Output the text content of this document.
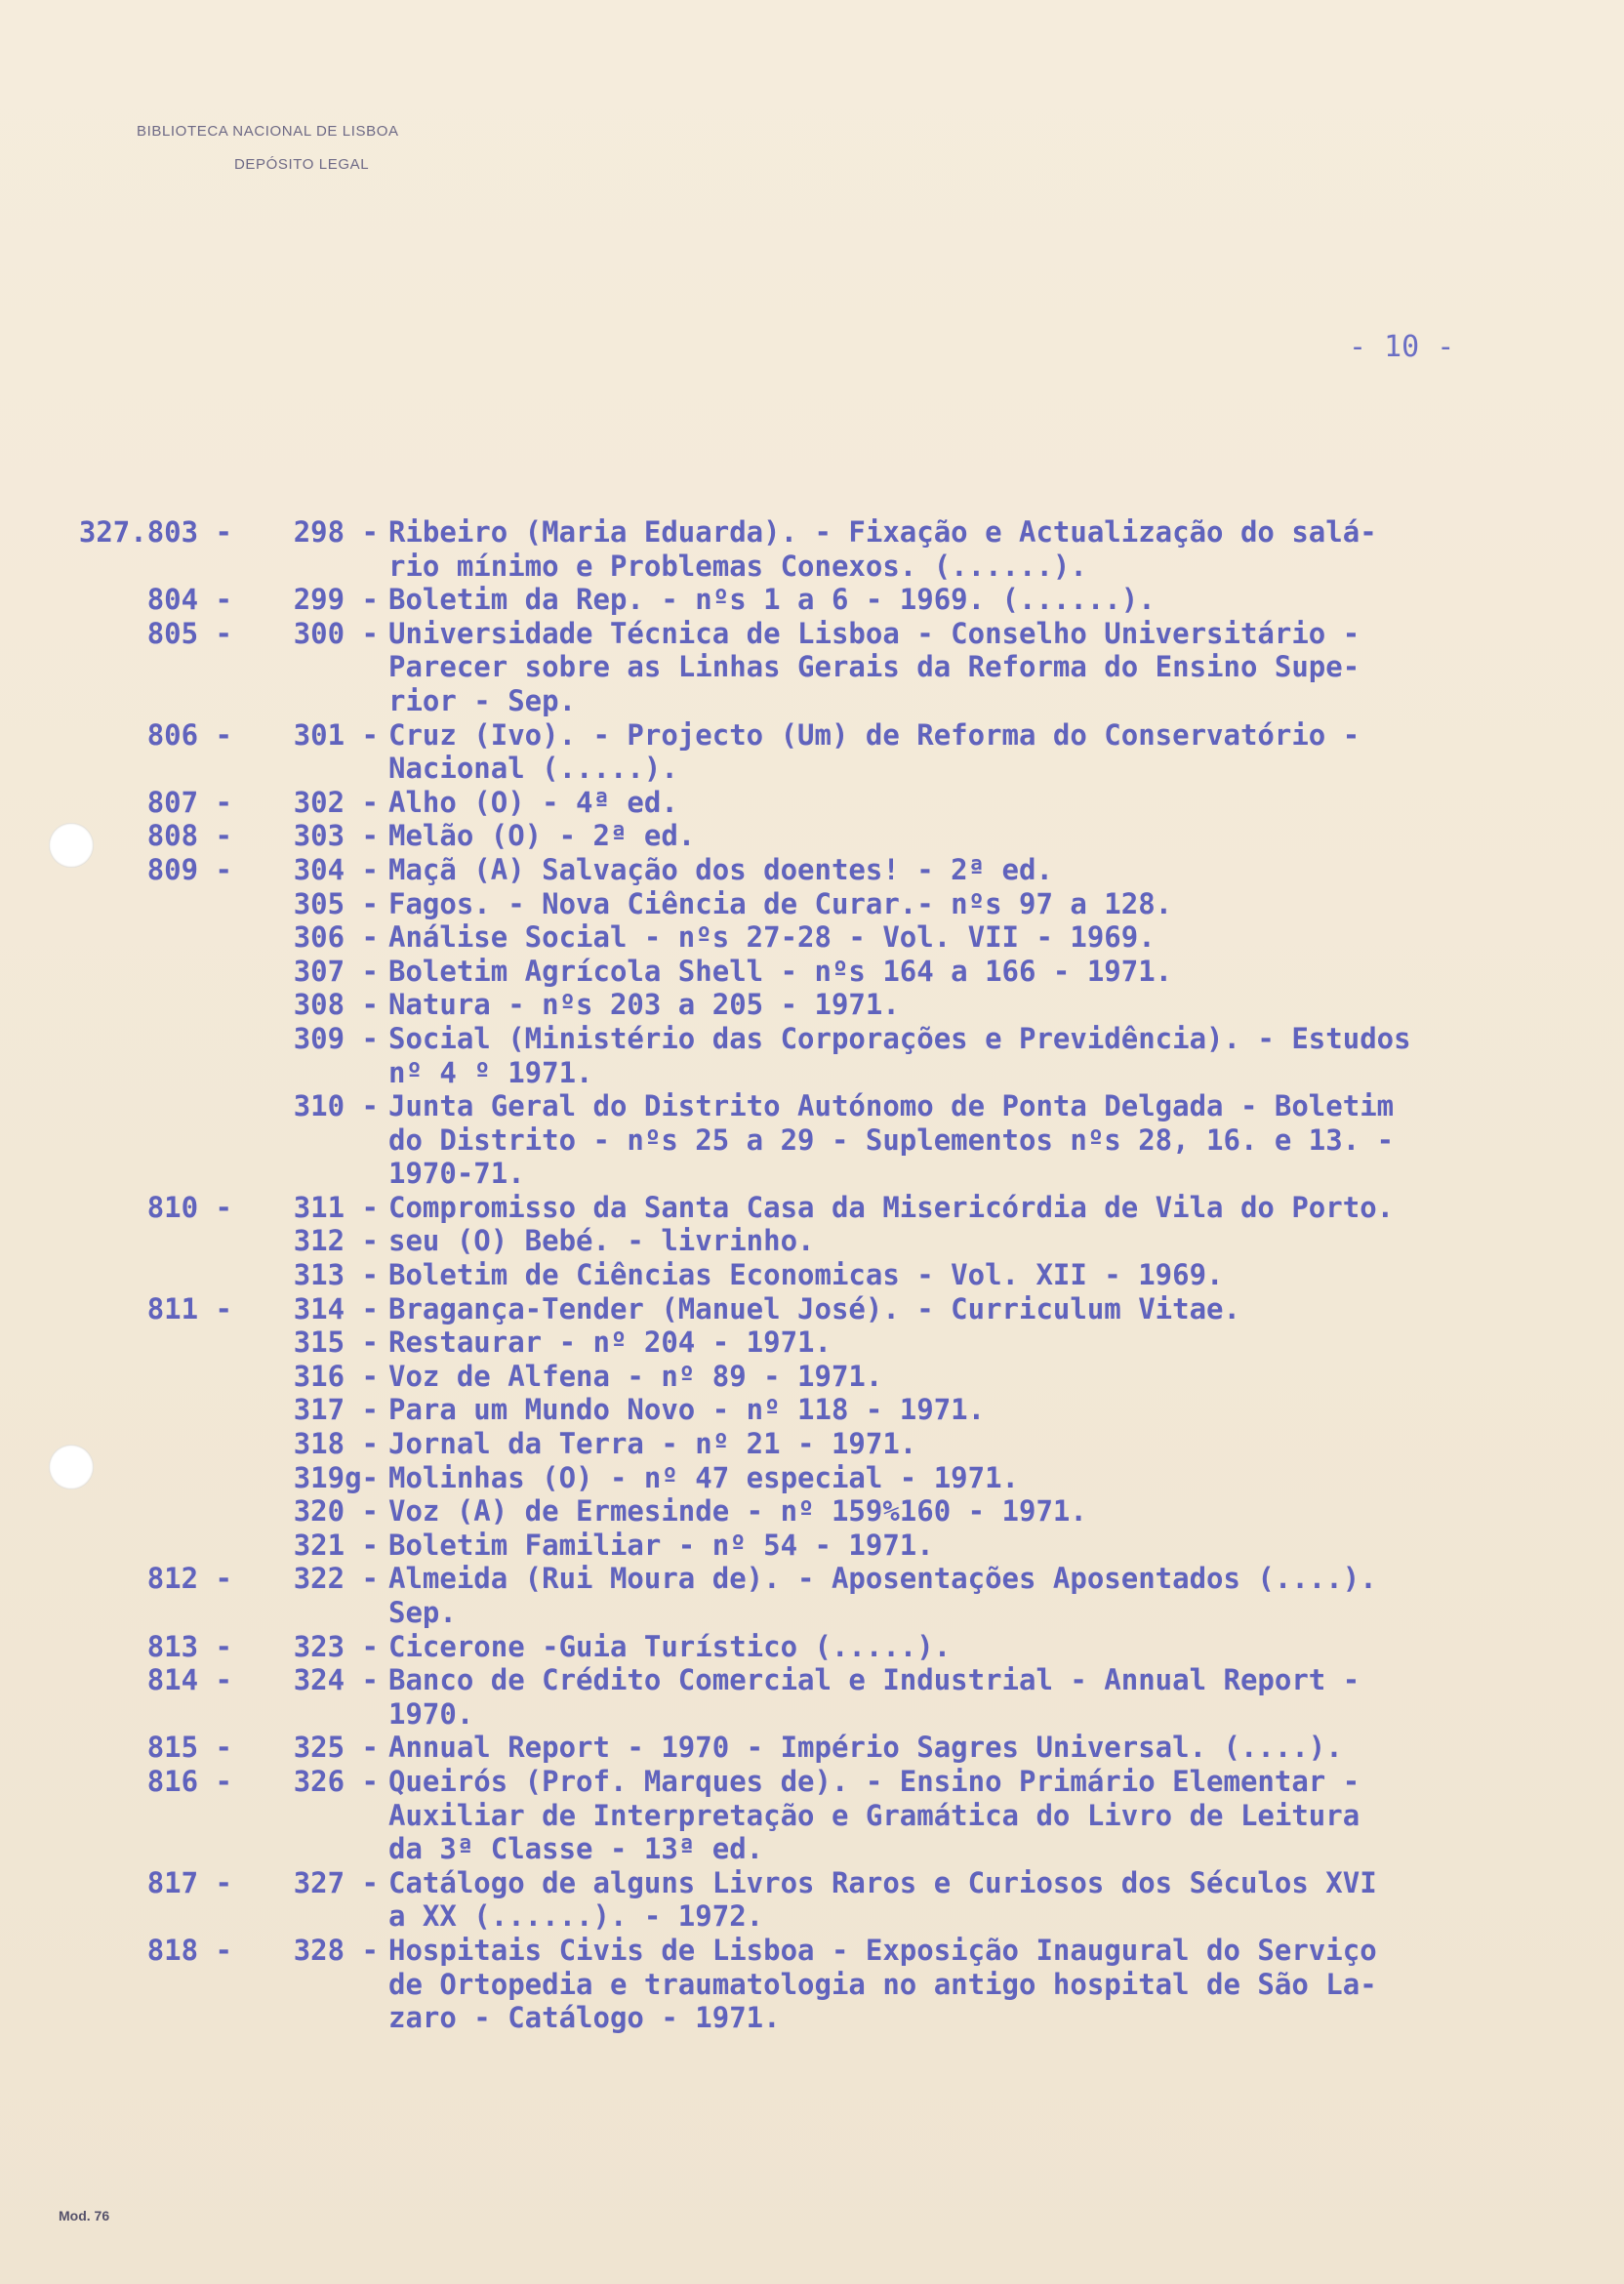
BIBLIOTECA NACIONAL DE LISBOA
DEPÓSITO LEGAL
- 10 -
327.803 -	298 - Ribeiro (Maria Eduarda). - Fixação e Actualização do salá-
rio mínimo e Problemas Conexos. (......).
804 -	299 - Boletim da Rep. - nºs 1 a 6 - 1969. (......).
805 -	300 - Universidade Técnica de Lisboa - Conselho Universitário -
Parecer sobre as Linhas Gerais da Reforma do Ensino Supe-
rior - Sep.
806 -	301 - Cruz (Ivo). - Projecto (Um) de Reforma do Conservatório -
Nacional (.....).
807 -	302 - Alho (O) - 4ª ed.
808 -	303 - Melão (O) - 2ª ed.
809 -	304 - Maçã (A) Salvação dos doentes! - 2ª ed.
305 - Fagos. - Nova Ciência de Curar.- nºs 97 a 128.
306 - Análise Social - nºs 27-28 - Vol. VII - 1969.
307 - Boletim Agrícola Shell - nºs 164 a 166 - 1971.
308 - Natura - nºs 203 a 205 - 1971.
309 - Social (Ministério das Corporações e Previdência). - Estudos
nº 4 º 1971.
310 - Junta Geral do Distrito Autónomo de Ponta Delgada - Boletim
do Distrito - nºs 25 a 29 - Suplementos nºs 28, 16. e 13. -
1970-71.
810 -	311 - Compromisso da Santa Casa da Misericórdia de Vila do Porto.
312 - seu (O) Bebé. - livrinho.
313 - Boletim de Ciências Economicas - Vol. XII - 1969.
811 -	314 - Bragança-Tender (Manuel José). - Curriculum Vitae.
315 - Restaurar - nº 204 - 1971.
316 - Voz de Alfena - nº 89 - 1971.
317 - Para um Mundo Novo - nº 118 - 1971.
318 - Jornal da Terra - nº 21 - 1971.
319g- Molinhas (O) - nº 47 especial - 1971.
320 - Voz (A) de Ermesinde - nº 159%160 - 1971.
321 - Boletim Familiar - nº 54 - 1971.
812 -	322 - Almeida (Rui Moura de). - Aposentações Aposentados (....).
Sep.
813 -	323 - Cicerone -Guia Turístico (.....).
814 -	324 - Banco de Crédito Comercial e Industrial - Annual Report -
1970.
815 -	325 - Annual Report - 1970 - Império Sagres Universal. (....).
816 -	326 - Queirós (Prof. Marques de). - Ensino Primário Elementar -
Auxiliar de Interpretação e Gramática do Livro de Leitura
da 3ª Classe - 13ª ed.
817 -	327 - Catálogo de alguns Livros Raros e Curiosos dos Séculos XVI
a XX (......). - 1972.
818 -	328 - Hospitais Civis de Lisboa - Exposição Inaugural do Serviço
de Ortopedia e traumatologia no antigo hospital de São La-
zaro - Catálogo - 1971.
Mod. 76
